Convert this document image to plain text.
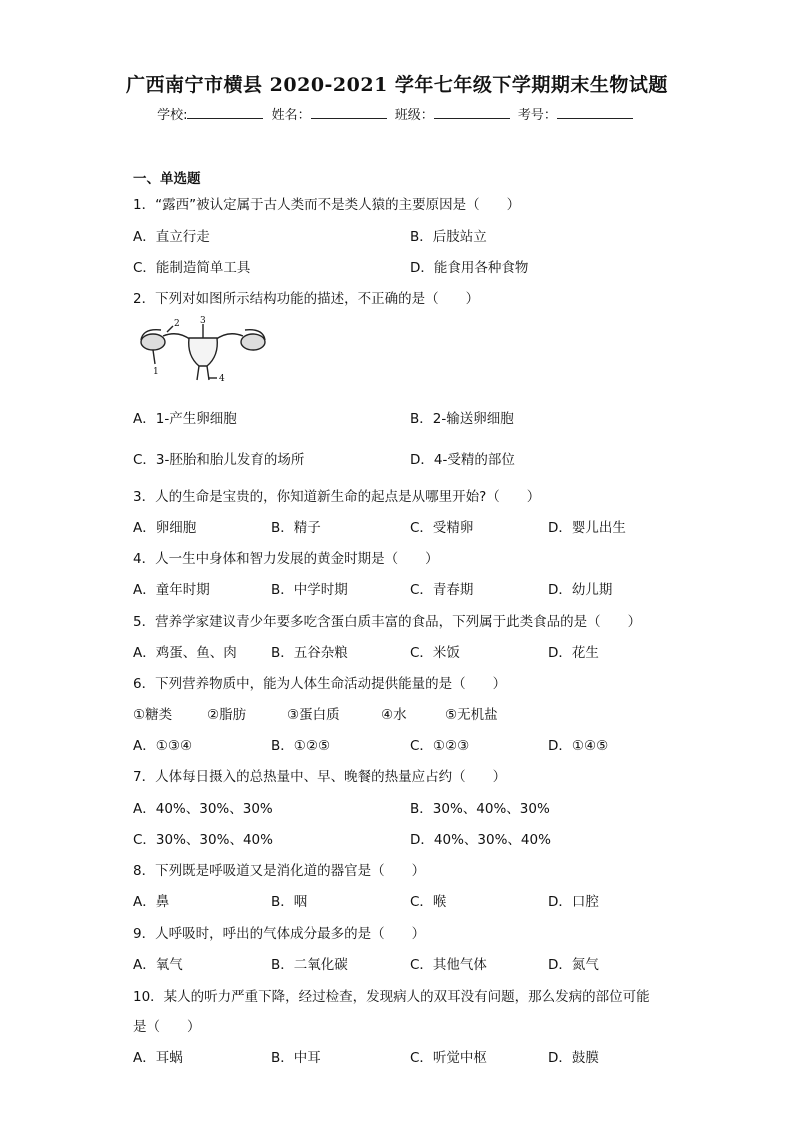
广西南宁市横县 2020-2021 学年七年级下学期期末生物试题
学校:	姓名：	班级：	考号：
一、单选题
1．“露西”被认定属于古人类而不是类人猿的主要原因是（　　）
A．直立行走	B．后肢站立
C．能制造简单工具	D．能食用各种食物
2．下列对如图所示结构功能的描述，不正确的是（　　）
1
2 3
4
A．1-产生卵细胞	B．2-输送卵细胞
C．3-胚胎和胎儿发育的场所	D．4-受精的部位
3．人的生命是宝贵的，你知道新生命的起点是从哪里开始?（　　）
A．卵细胞	B．精子	C．受精卵	D．婴儿出生
4．人一生中身体和智力发展的黄金时期是（　　）
A．童年时期	B．中学时期	C．青春期	D．幼儿期
5．营养学家建议青少年要多吃含蛋白质丰富的食品，下列属于此类食品的是（　　）
A．鸡蛋、鱼、肉	B．五谷杂粮	C．米饭	D．花生
6．下列营养物质中，能为人体生命活动提供能量的是（　　）
①糖类	②脂肪	③蛋白质	④水	⑤无机盐
A．①③④	B．①②⑤	C．①②③	D．①④⑤
7．人体每日摄入的总热量中、早、晚餐的热量应占约（　　）
A．40%、30%、30%	B．30%、40%、30%
C．30%、30%、40%	D．40%、30%、40%
8．下列既是呼吸道又是消化道的器官是（　　）
A．鼻	B．咽	C．喉	D．口腔
9．人呼吸时，呼出的气体成分最多的是（　　）
A．氧气	B．二氧化碳	C．其他气体	D．氮气
10．某人的听力严重下降，经过检查，发现病人的双耳没有问题，那么发病的部位可能
是（　　）
A．耳蜗	B．中耳	C．听觉中枢	D．鼓膜
